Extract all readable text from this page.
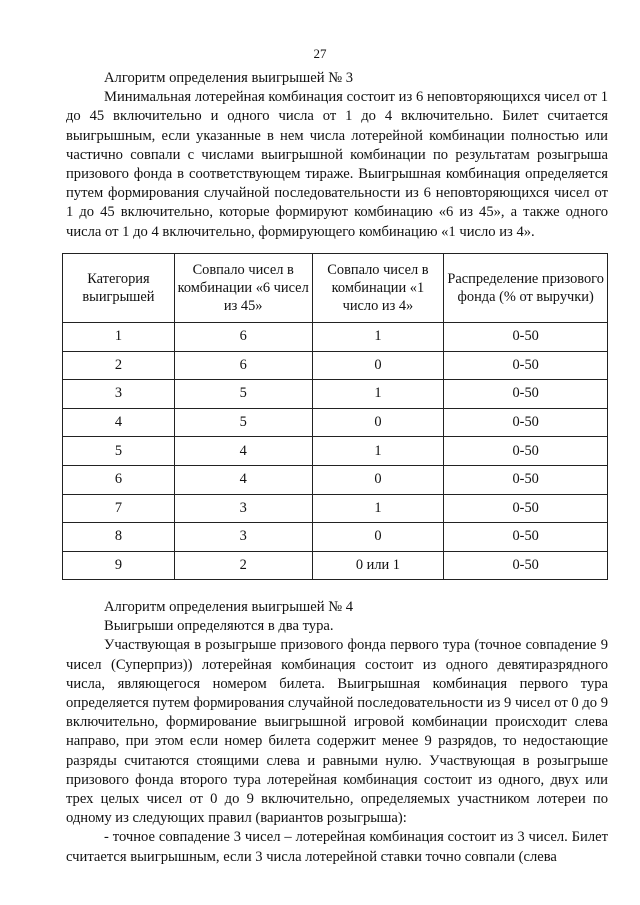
27

Алгоритм определения выигрышей № 3

Минимальная лотерейная комбинация состоит из 6 неповторяющихся чисел от 1 до 45 включительно и одного числа от 1 до 4 включительно. Билет считается выигрышным, если указанные в нем числа лотерейной комбинации полностью или частично совпали с числами выигрышной комбинации по результатам розыгрыша призового фонда в соответствующем тираже. Выигрышная комбинация определяется путем формирования случайной последовательности из 6 неповторяющихся чисел от 1 до 45 включительно, которые формируют комбинацию «6 из 45», а также одного числа от 1 до 4 включительно, формирующего комбинацию «1 число из 4».

Категория выигрышей	Совпало чисел в комбинации «6 чисел из 45»	Совпало чисел в комбинации «1 число из 4»	Распределение призового фонда (% от выручки)
1	6	1	0-50
2	6	0	0-50
3	5	1	0-50
4	5	0	0-50
5	4	1	0-50
6	4	0	0-50
7	3	1	0-50
8	3	0	0-50
9	2	0 или 1	0-50

Алгоритм определения выигрышей № 4

Выигрыши определяются в два тура.

Участвующая в розыгрыше призового фонда первого тура (точное совпадение 9 чисел (Суперприз)) лотерейная комбинация состоит из одного девятиразрядного числа, являющегося номером билета. Выигрышная комбинация первого тура определяется путем формирования случайной последовательности из 9 чисел от 0 до 9 включительно, формирование выигрышной игровой комбинации происходит слева направо, при этом если номер билета содержит менее 9 разрядов, то недостающие разряды считаются стоящими слева и равными нулю. Участвующая в розыгрыше призового фонда второго тура лотерейная комбинация состоит из одного, двух или трех целых чисел от 0 до 9 включительно, определяемых участником лотереи по одному из следующих правил (вариантов розыгрыша):

- точное совпадение 3 чисел – лотерейная комбинация состоит из 3 чисел. Билет считается выигрышным, если 3 числа лотерейной ставки точно совпали (слева
